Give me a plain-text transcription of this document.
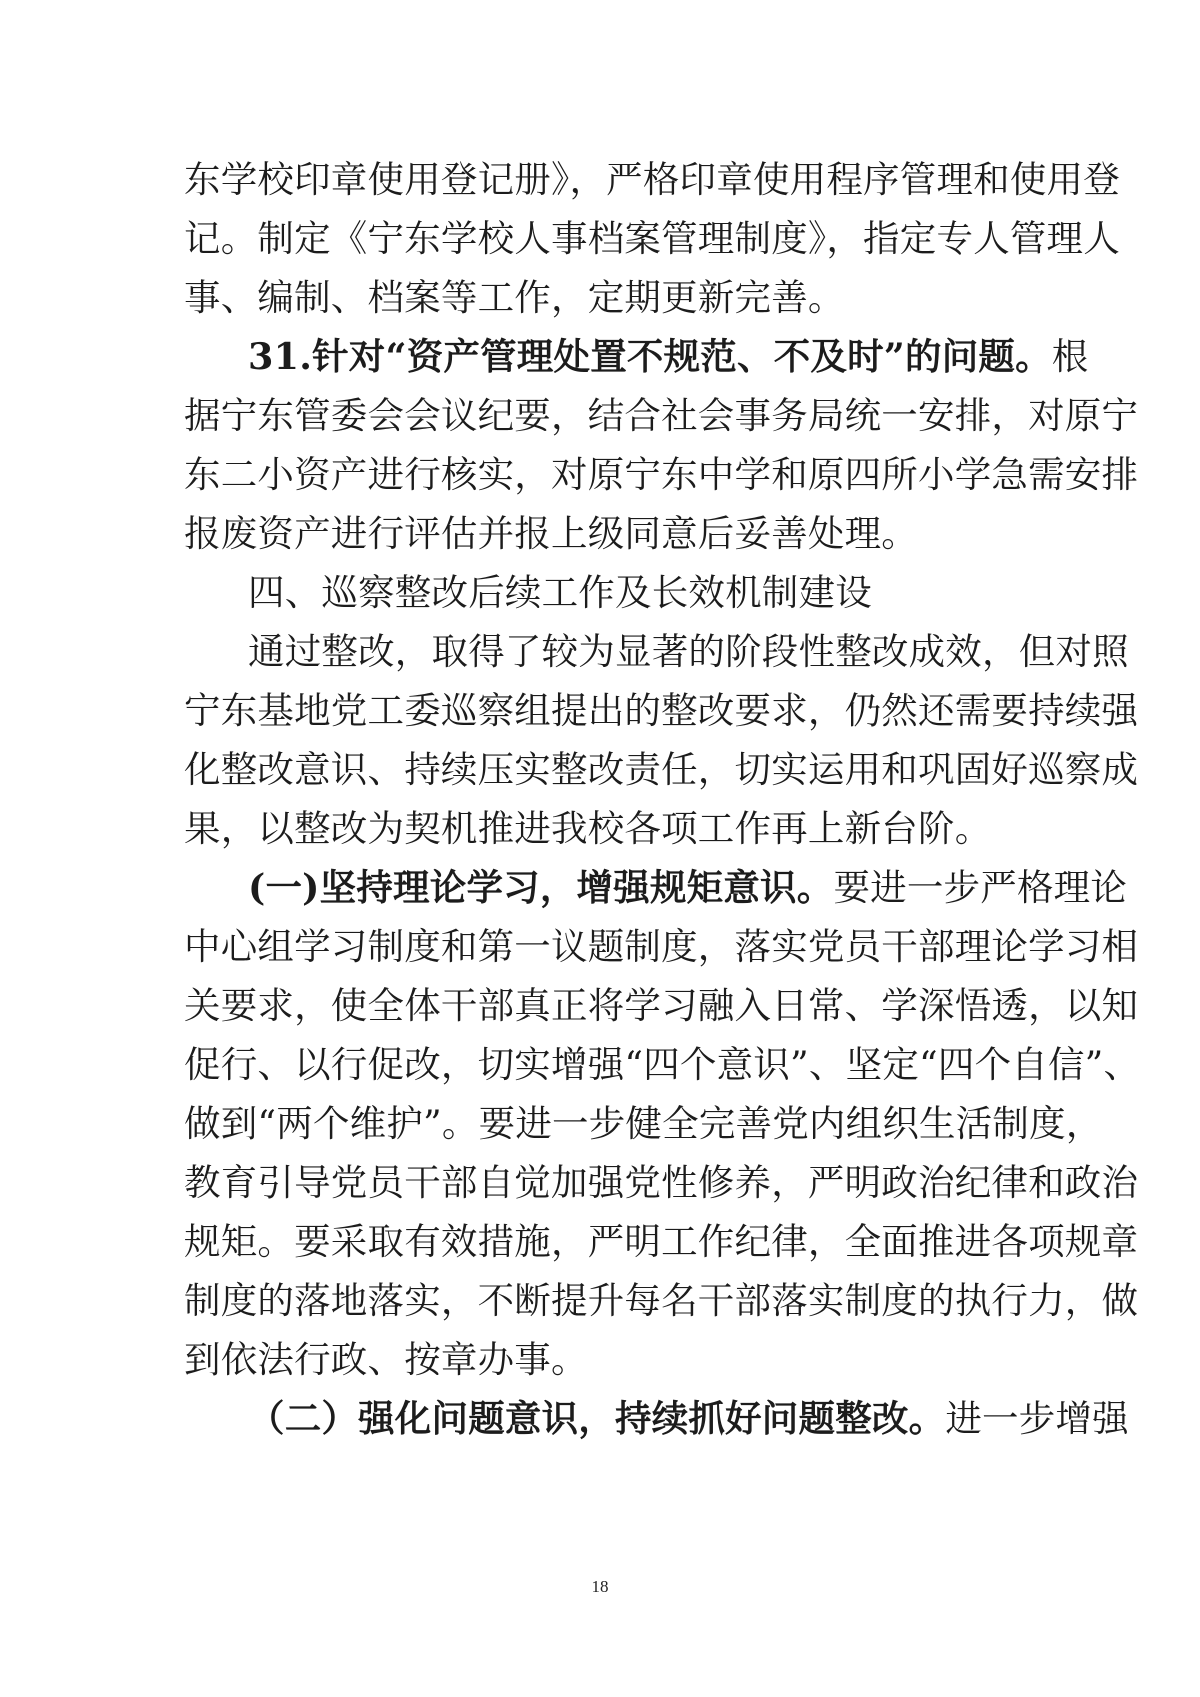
东学校印章使用登记册》，严格印章使用程序管理和使用登
记。制定《宁东学校人事档案管理制度》，指定专人管理人
事、编制、档案等工作，定期更新完善。
31.针对“资产管理处置不规范、不及时”的问题。根
据宁东管委会会议纪要，结合社会事务局统一安排，对原宁
东二小资产进行核实，对原宁东中学和原四所小学急需安排
报废资产进行评估并报上级同意后妥善处理。
四、巡察整改后续工作及长效机制建设
通过整改，取得了较为显著的阶段性整改成效，但对照
宁东基地党工委巡察组提出的整改要求，仍然还需要持续强
化整改意识、持续压实整改责任，切实运用和巩固好巡察成
果，以整改为契机推进我校各项工作再上新台阶。
(一)坚持理论学习，增强规矩意识。要进一步严格理论
中心组学习制度和第一议题制度，落实党员干部理论学习相
关要求，使全体干部真正将学习融入日常、学深悟透，以知
促行、以行促改，切实增强“四个意识”、坚定“四个自信”、
做到“两个维护”。要进一步健全完善党内组织生活制度，
教育引导党员干部自觉加强党性修养，严明政治纪律和政治
规矩。要采取有效措施，严明工作纪律，全面推进各项规章
制度的落地落实，不断提升每名干部落实制度的执行力，做
到依法行政、按章办事。
（二）强化问题意识，持续抓好问题整改。进一步增强
18
